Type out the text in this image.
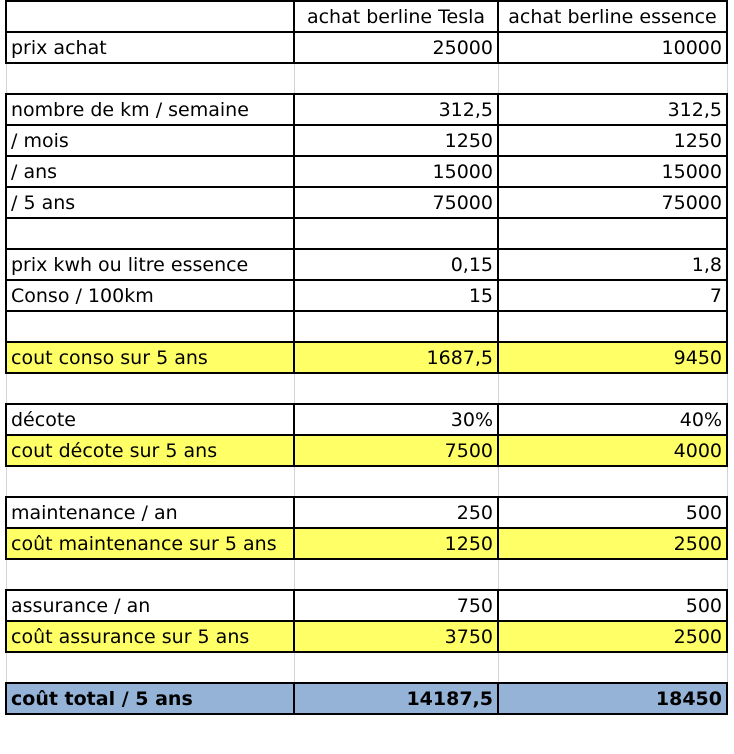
		achat berline Tesla	achat berline essence	
	prix achat	25000	10000	

	nombre de km / semaine	312,5	312,5	
	/ mois	1250	1250	
	/ ans	15000	15000	
	/ 5 ans	75000	75000	

	prix kwh ou litre essence	0,15	1,8	
	Conso / 100km	15	7	

	cout conso sur 5 ans	1687,5	9450	

	décote	30%	40%	
	cout décote sur 5 ans	7500	4000	

	maintenance / an	250	500	
	coût maintenance sur 5 ans	1250	2500	

	assurance / an	750	500	
	coût assurance sur 5 ans	3750	2500	

	coût total / 5 ans	14187,5	18450	
